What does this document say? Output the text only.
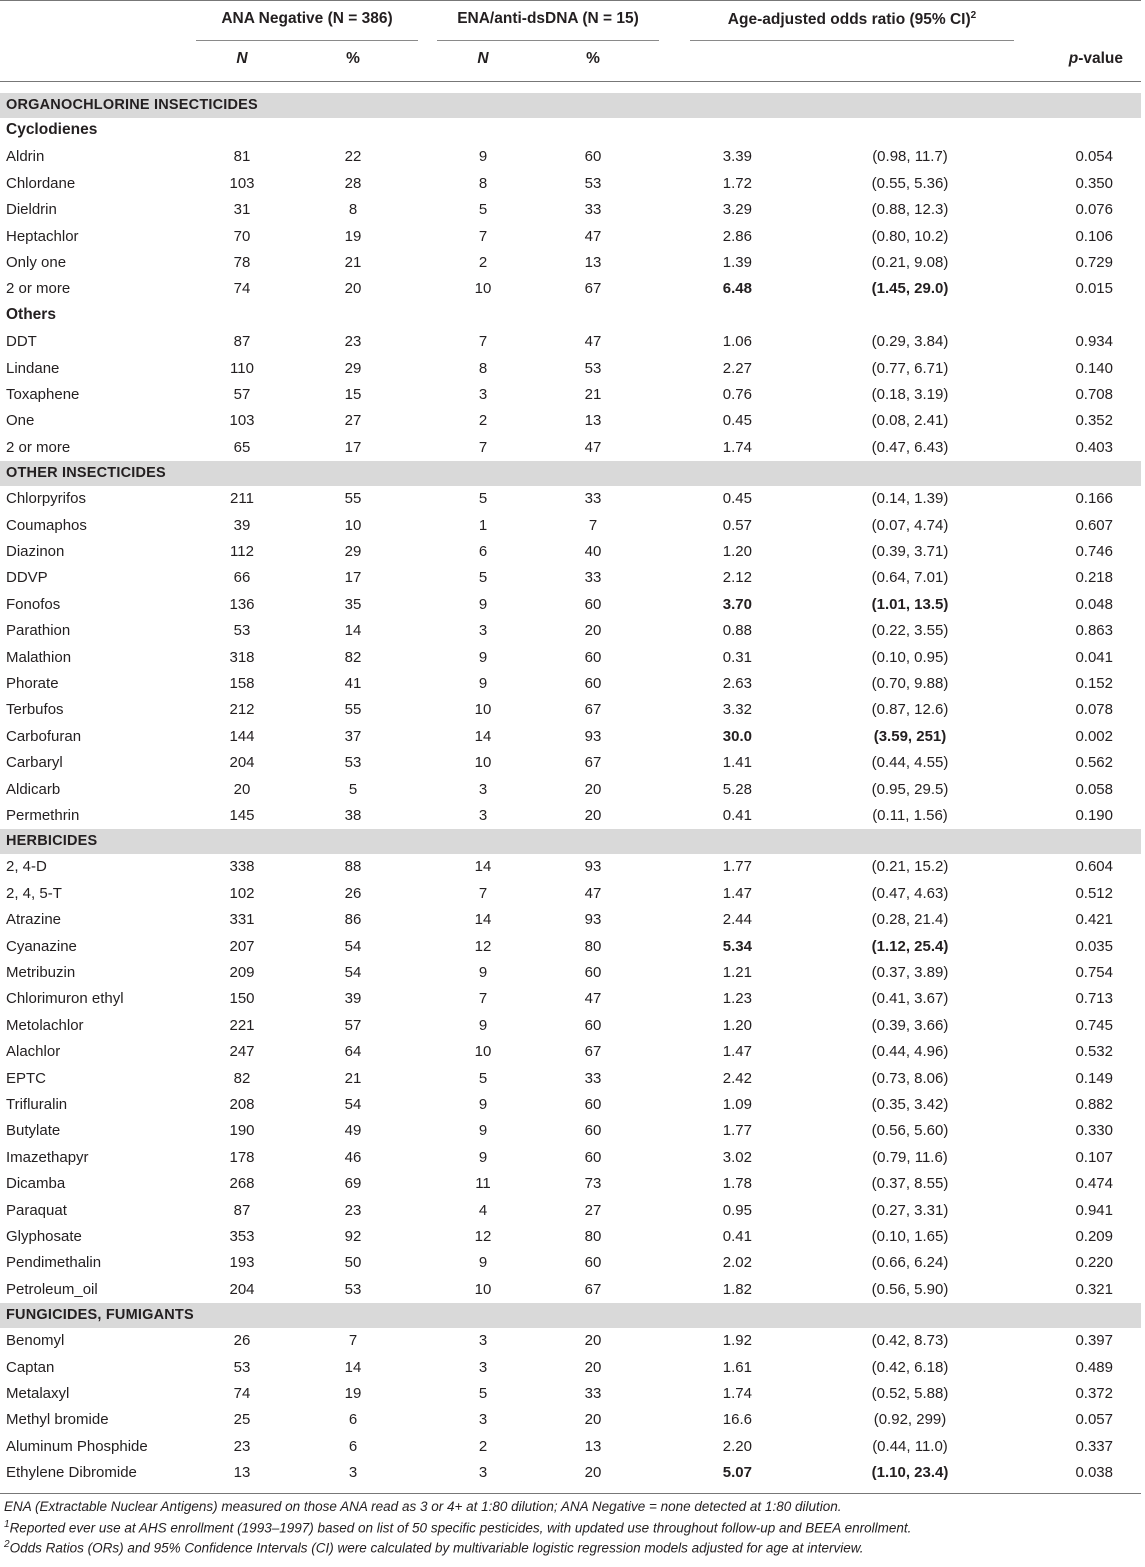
ANA Negative (N = 386)	ENA/anti-dsDNA (N = 15)	Age-adjusted odds ratio (95% CI)$^2$
N	%	N	%	p-value
ORGANOCHLORINE INSECTICIDES
Cyclodienes
Aldrin	81	22	9	60	3.39	(0.98, 11.7)	0.054
Chlordane	103	28	8	53	1.72	(0.55, 5.36)	0.350
Dieldrin	31	8	5	33	3.29	(0.88, 12.3)	0.076
Heptachlor	70	19	7	47	2.86	(0.80, 10.2)	0.106
Only one	78	21	2	13	1.39	(0.21, 9.08)	0.729
2 or more	74	20	10	67	6.48	(1.45, 29.0)	0.015
Others
DDT	87	23	7	47	1.06	(0.29, 3.84)	0.934
Lindane	110	29	8	53	2.27	(0.77, 6.71)	0.140
Toxaphene	57	15	3	21	0.76	(0.18, 3.19)	0.708
One	103	27	2	13	0.45	(0.08, 2.41)	0.352
2 or more	65	17	7	47	1.74	(0.47, 6.43)	0.403
OTHER INSECTICIDES
Chlorpyrifos	211	55	5	33	0.45	(0.14, 1.39)	0.166
Coumaphos	39	10	1	7	0.57	(0.07, 4.74)	0.607
Diazinon	112	29	6	40	1.20	(0.39, 3.71)	0.746
DDVP	66	17	5	33	2.12	(0.64, 7.01)	0.218
Fonofos	136	35	9	60	3.70	(1.01, 13.5)	0.048
Parathion	53	14	3	20	0.88	(0.22, 3.55)	0.863
Malathion	318	82	9	60	0.31	(0.10, 0.95)	0.041
Phorate	158	41	9	60	2.63	(0.70, 9.88)	0.152
Terbufos	212	55	10	67	3.32	(0.87, 12.6)	0.078
Carbofuran	144	37	14	93	30.0	(3.59, 251)	0.002
Carbaryl	204	53	10	67	1.41	(0.44, 4.55)	0.562
Aldicarb	20	5	3	20	5.28	(0.95, 29.5)	0.058
Permethrin	145	38	3	20	0.41	(0.11, 1.56)	0.190
HERBICIDES
2, 4-D	338	88	14	93	1.77	(0.21, 15.2)	0.604
2, 4, 5-T	102	26	7	47	1.47	(0.47, 4.63)	0.512
Atrazine	331	86	14	93	2.44	(0.28, 21.4)	0.421
Cyanazine	207	54	12	80	5.34	(1.12, 25.4)	0.035
Metribuzin	209	54	9	60	1.21	(0.37, 3.89)	0.754
Chlorimuron ethyl	150	39	7	47	1.23	(0.41, 3.67)	0.713
Metolachlor	221	57	9	60	1.20	(0.39, 3.66)	0.745
Alachlor	247	64	10	67	1.47	(0.44, 4.96)	0.532
EPTC	82	21	5	33	2.42	(0.73, 8.06)	0.149
Trifluralin	208	54	9	60	1.09	(0.35, 3.42)	0.882
Butylate	190	49	9	60	1.77	(0.56, 5.60)	0.330
Imazethapyr	178	46	9	60	3.02	(0.79, 11.6)	0.107
Dicamba	268	69	11	73	1.78	(0.37, 8.55)	0.474
Paraquat	87	23	4	27	0.95	(0.27, 3.31)	0.941
Glyphosate	353	92	12	80	0.41	(0.10, 1.65)	0.209
Pendimethalin	193	50	9	60	2.02	(0.66, 6.24)	0.220
Petroleum_oil	204	53	10	67	1.82	(0.56, 5.90)	0.321
FUNGICIDES, FUMIGANTS
Benomyl	26	7	3	20	1.92	(0.42, 8.73)	0.397
Captan	53	14	3	20	1.61	(0.42, 6.18)	0.489
Metalaxyl	74	19	5	33	1.74	(0.52, 5.88)	0.372
Methyl bromide	25	6	3	20	16.6	(0.92, 299)	0.057
Aluminum Phosphide	23	6	2	13	2.20	(0.44, 11.0)	0.337
Ethylene Dibromide	13	3	3	20	5.07	(1.10, 23.4)	0.038
ENA (Extractable Nuclear Antigens) measured on those ANA read as 3 or 4+ at 1:80 dilution; ANA Negative = none detected at 1:80 dilution.
$^1$Reported ever use at AHS enrollment (1993–1997) based on list of 50 specific pesticides, with updated use throughout follow-up and BEEA enrollment.
$^2$Odds Ratios (ORs) and 95% Confidence Intervals (CI) were calculated by multivariable logistic regression models adjusted for age at interview.
